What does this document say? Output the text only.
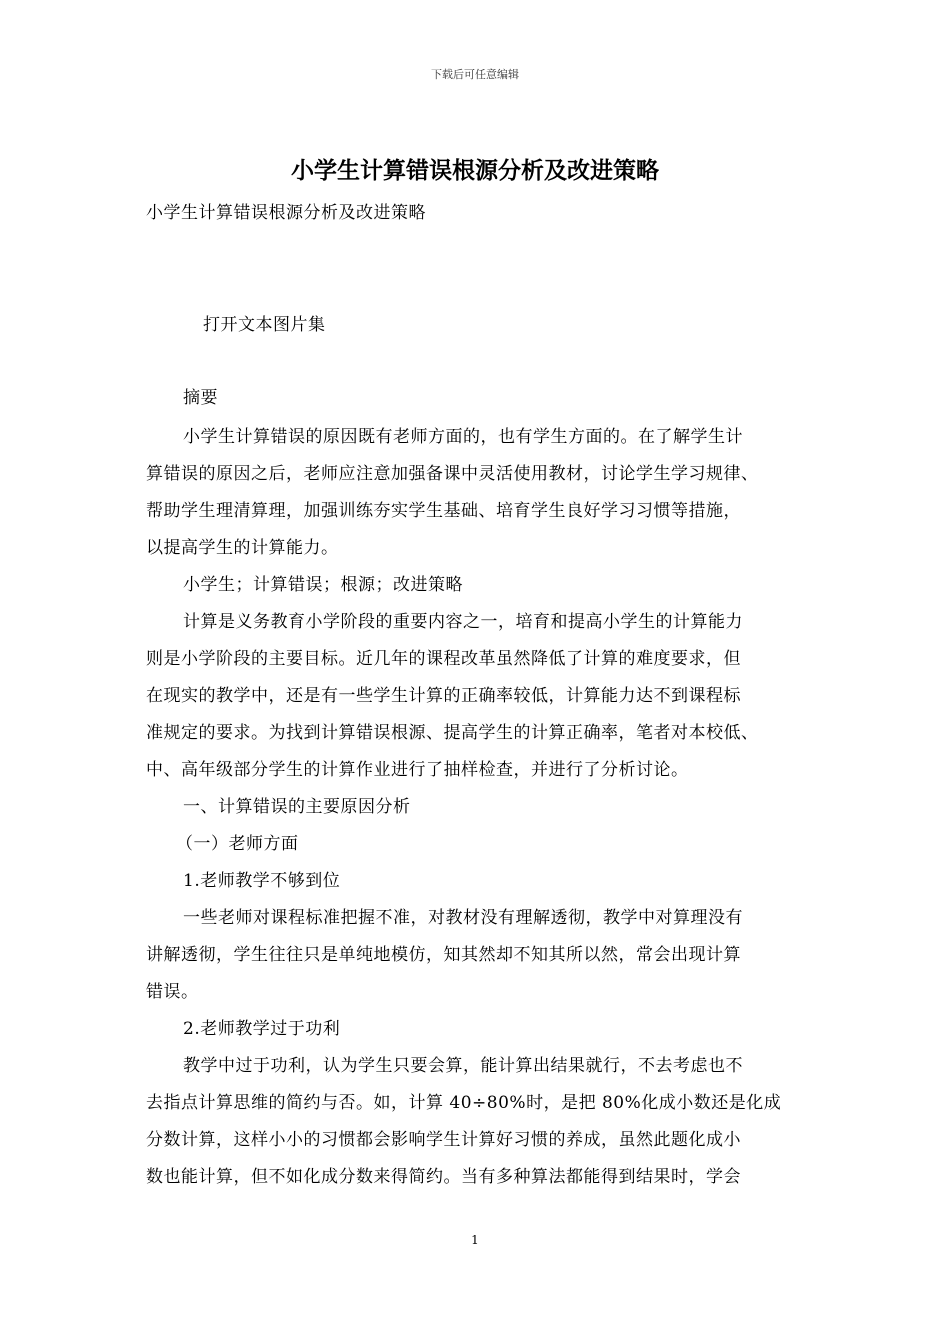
下载后可任意编辑
小学生计算错误根源分析及改进策略
小学生计算错误根源分析及改进策略
打开文本图片集
摘要
小学生计算错误的原因既有老师方面的，也有学生方面的。在了解学生计
算错误的原因之后，老师应注意加强备课中灵活使用教材，讨论学生学习规律、
帮助学生理清算理，加强训练夯实学生基础、培育学生良好学习习惯等措施，
以提高学生的计算能力。
小学生；计算错误；根源；改进策略
计算是义务教育小学阶段的重要内容之一，培育和提高小学生的计算能力
则是小学阶段的主要目标。近几年的课程改革虽然降低了计算的难度要求，但
在现实的教学中，还是有一些学生计算的正确率较低，计算能力达不到课程标
准规定的要求。为找到计算错误根源、提高学生的计算正确率，笔者对本校低、
中、高年级部分学生的计算作业进行了抽样检查，并进行了分析讨论。
一、计算错误的主要原因分析
（一）老师方面
1.老师教学不够到位
一些老师对课程标准把握不准，对教材没有理解透彻，教学中对算理没有
讲解透彻，学生往往只是单纯地模仿，知其然却不知其所以然，常会出现计算
错误。
2.老师教学过于功利
教学中过于功利，认为学生只要会算，能计算出结果就行，不去考虑也不
去指点计算思维的简约与否。如，计算 40÷80%时，是把 80%化成小数还是化成
分数计算，这样小小的习惯都会影响学生计算好习惯的养成，虽然此题化成小
数也能计算，但不如化成分数来得简约。当有多种算法都能得到结果时，学会
1
